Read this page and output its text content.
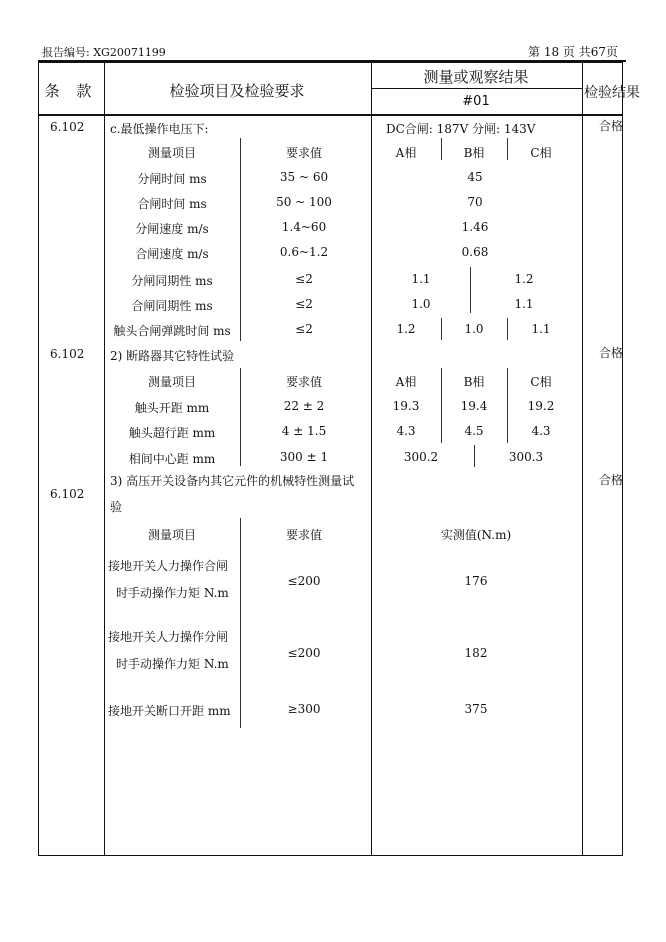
报告编号: XG20071199	第 18 页 共67页
条 款	检验项目及检验要求
测量或观察结果
#01
检验结果
6.102 c.最低操作电压下:	DC合闸: 187V 分闸: 143V	合格
测量项目	要求值	A相	B相	C相
分闸时间 ms	35 ~ 60	45
合闸时间 ms	50 ~ 100	70
分闸速度 m/s	1.4~60	1.46
合闸速度 m/s	0.6~1.2	0.68
分闸同期性 ms	≤2	1.1	1.2
合闸同期性 ms	≤2	1.0	1.1
触头合闸弹跳时间 ms	≤2	1.2	1.0	1.1
6.102 2) 断路器其它特性试验	合格
测量项目	要求值	A相	B相	C相
触头开距 mm	22 ± 2	19.3	19.4	19.2
触头超行距 mm	4 ± 1.5	4.3	4.5	4.3
相间中心距 mm	300 ± 1	300.2	300.3
6.102
3) 高压开关设备内其它元件的机械特性测量试
验
合格
测量项目	要求值	实测值(N.m)
接地开关人力操作合闸
时手动操作力矩 N.m
≤200	176
接地开关人力操作分闸
时手动操作力矩 N.m
≤200	182
接地开关断口开距 mm	≥300	375
